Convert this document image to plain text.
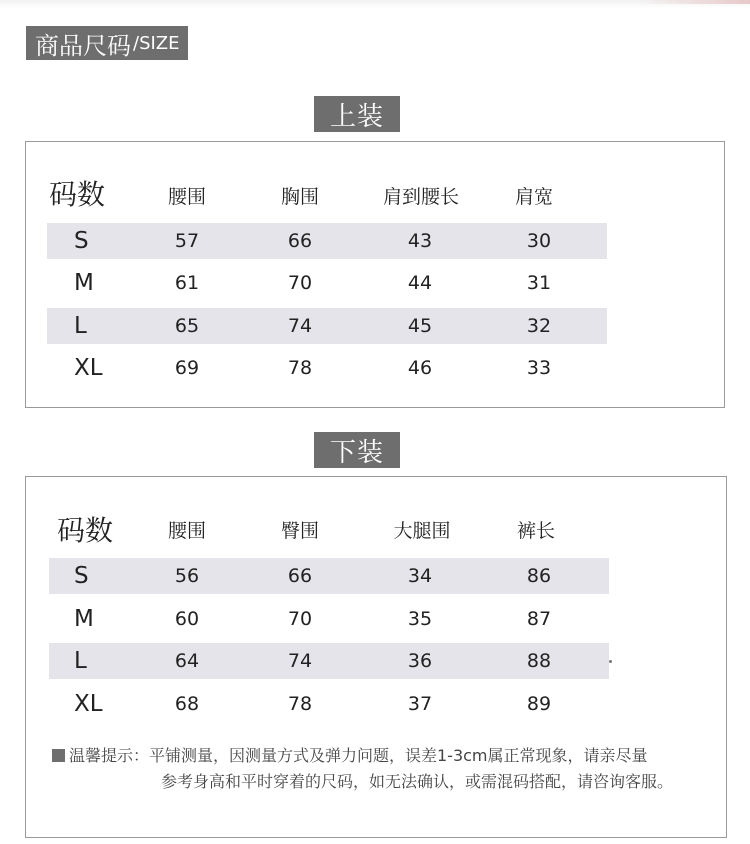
商品尺码 /SIZE
上装
码数	腰围	胸围	肩到腰长	肩宽
S	57	66	43	30
M	61	70	44	31
L	65	74	45	32
XL	69	78	46	33
下装
码数	腰围	臀围	大腿围	裤长
S	56	66	34	86
M	60	70	35	87
L	64	74	36	88
XL	68	78	37	89
温馨提示：平铺测量，因测量方式及弹力问题，误差1-3cm属正常现象，请亲尽量
参考身高和平时穿着的尺码，如无法确认，或需混码搭配，请咨询客服。
